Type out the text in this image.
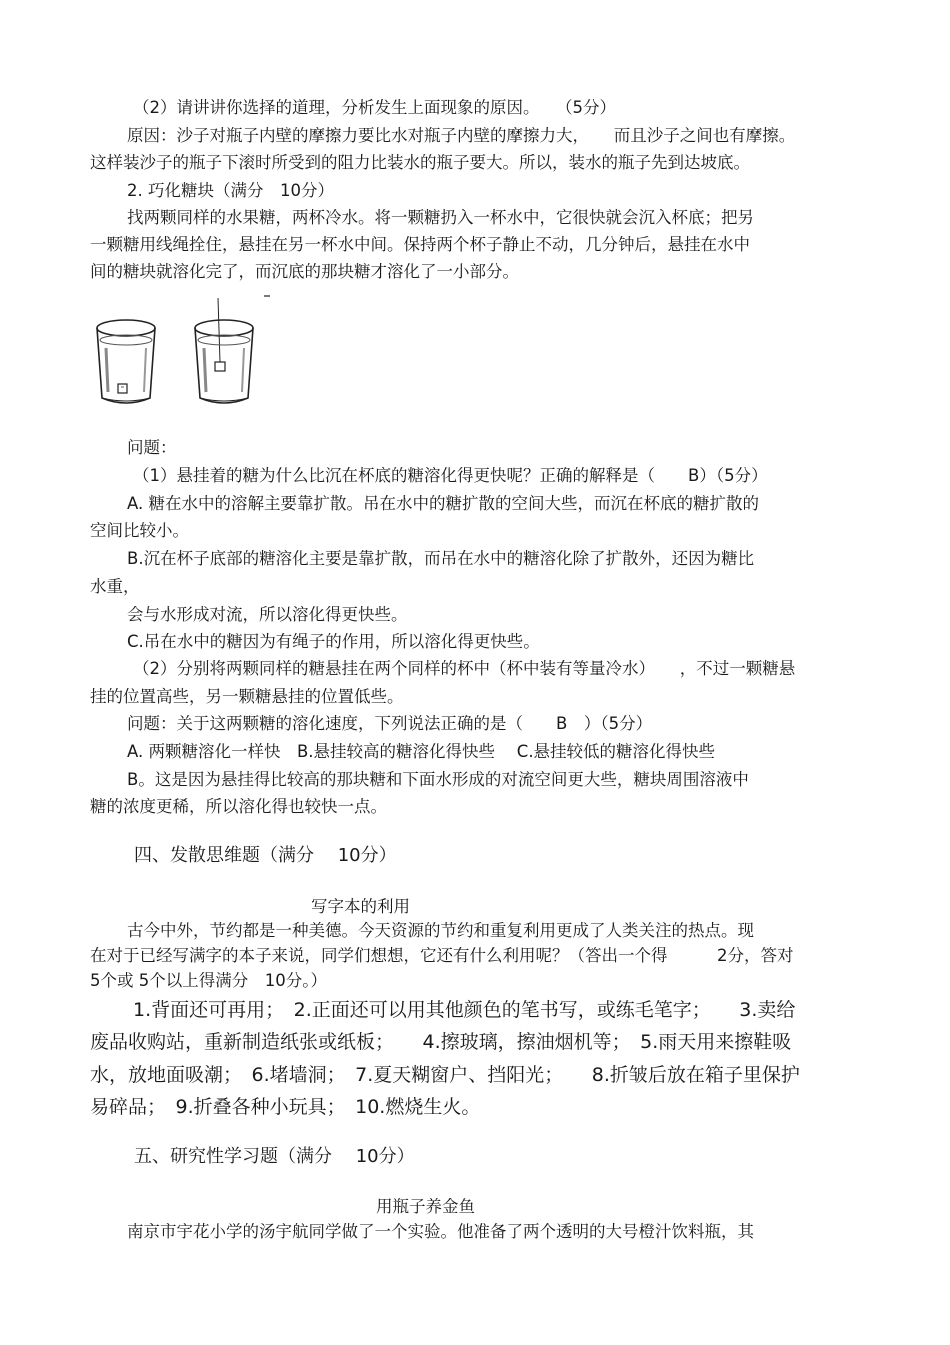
（2）请讲讲你选择的道理，分析发生上面现象的原因。　　（5分）
原因：沙子对瓶子内壁的摩擦力要比水对瓶子内壁的摩擦力大，　　而且沙子之间也有摩擦。
这样装沙子的瓶子下滚时所受到的阻力比装水的瓶子要大。所以，装水的瓶子先到达坡底。
2. 巧化糖块（满分　10分）
找两颗同样的水果糖，两杯冷水。将一颗糖扔入一杯水中，它很快就会沉入杯底；把另
一颗糖用线绳拴住，悬挂在另一杯水中间。保持两个杯子静止不动，几分钟后，悬挂在水中
间的糖块就溶化完了，而沉底的那块糖才溶化了一小部分。
问题：
（1）悬挂着的糖为什么比沉在杯底的糖溶化得更快呢？正确的解释是（　　B）（5分）
A. 糖在水中的溶解主要靠扩散。吊在水中的糖扩散的空间大些，而沉在杯底的糖扩散的
空间比较小。
B.沉在杯子底部的糖溶化主要是靠扩散，而吊在水中的糖溶化除了扩散外，还因为糖比
水重，
会与水形成对流，所以溶化得更快些。
C.吊在水中的糖因为有绳子的作用，所以溶化得更快些。
（2）分别将两颗同样的糖悬挂在两个同样的杯中（杯中装有等量冷水）　　，不过一颗糖悬
挂的位置高些，另一颗糖悬挂的位置低些。
问题：关于这两颗糖的溶化速度，下列说法正确的是（　　B　）（5分）
A. 两颗糖溶化一样快　B.悬挂较高的糖溶化得快些　 C.悬挂较低的糖溶化得快些
B。这是因为悬挂得比较高的那块糖和下面水形成的对流空间更大些，糖块周围溶液中
糖的浓度更稀，所以溶化得也较快一点。
四、发散思维题（满分　 10分）
写字本的利用
古今中外，节约都是一种美德。今天资源的节约和重复利用更成了人类关注的热点。现
在对于已经写满字的本子来说，同学们想想，它还有什么利用呢？（答出一个得　　　2分，答对
5个或 5个以上得满分　10分。）
1.背面还可再用；　2.正面还可以用其他颜色的笔书写，或练毛笔字；　　3.卖给
废品收购站，重新制造纸张或纸板；　　4.擦玻璃，擦油烟机等；　5.雨天用来擦鞋吸
水，放地面吸潮；　6.堵墙洞；　7.夏天糊窗户、挡阳光；　　8.折皱后放在箱子里保护
易碎品；　9.折叠各种小玩具；　10.燃烧生火。
五、研究性学习题（满分　 10分）
用瓶子养金鱼
南京市宇花小学的汤宇航同学做了一个实验。他准备了两个透明的大号橙汁饮料瓶，其
